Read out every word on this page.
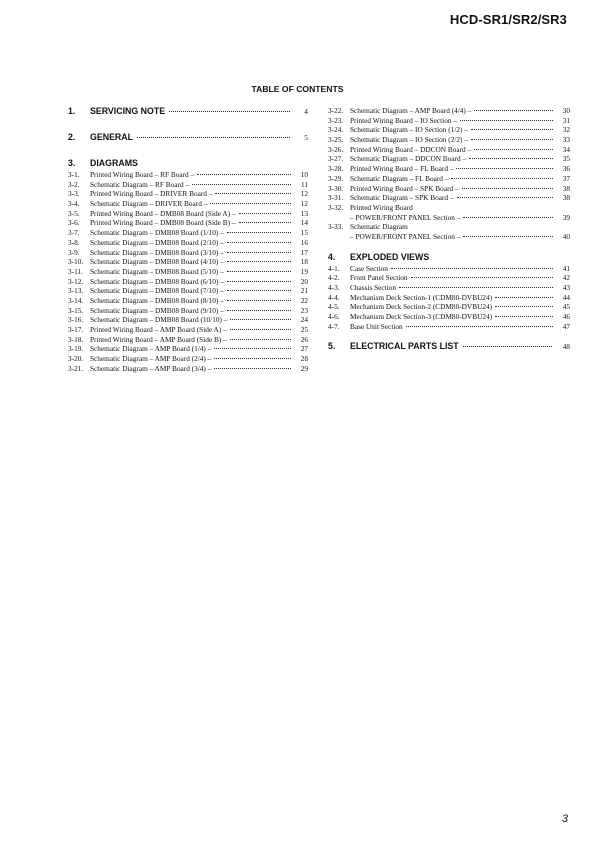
HCD-SR1/SR2/SR3
TABLE OF CONTENTS
1.	SERVICING NOTE	4
2.	GENERAL	5
3.	DIAGRAMS
3-1.	Printed Wiring Board – RF Board –	10
3-2.	Schematic Diagram – RF Board –	11
3-3.	Printed Wiring Board – DRIVER Board –	12
3-4.	Schematic Diagram – DRIVER Board –	12
3-5.	Printed Wiring Board – DMB08 Board (Side A) –	13
3-6.	Printed Wiring Board – DMB08 Board (Side B) –	14
3-7.	Schematic Diagram – DMB08 Board (1/10) –	15
3-8.	Schematic Diagram – DMB08 Board (2/10) –	16
3-9.	Schematic Diagram – DMB08 Board (3/10) –	17
3-10. Schematic Diagram – DMB08 Board (4/10) –	18
3-11. Schematic Diagram – DMB08 Board (5/10) –	19
3-12. Schematic Diagram – DMB08 Board (6/10) –	20
3-13. Schematic Diagram – DMB08 Board (7/10) –	21
3-14. Schematic Diagram – DMB08 Board (8/10) –	22
3-15. Schematic Diagram – DMB08 Board (9/10) –	23
3-16. Schematic Diagram – DMB08 Board (10/10) –	24
3-17. Printed Wiring Board – AMP Board (Side A) –	25
3-18. Printed Wiring Board – AMP Board (Side B) –	26
3-19. Schematic Diagram – AMP Board (1/4) –	27
3-20. Schematic Diagram – AMP Board (2/4) –	28
3-21. Schematic Diagram – AMP Board (3/4) –	29
3-22. Schematic Diagram – AMP Board (4/4) –	30
3-23. Printed Wiring Board – IO Section –	31
3-24. Schematic Diagram – IO Section (1/2) –	32
3-25. Schematic Diagram – IO Section (2/2) –	33
3-26. Printed Wiring Board – DDCON Board –	34
3-27. Schematic Diagram – DDCON Board –	35
3-28. Printed Wiring Board – FL Board –	36
3-29. Schematic Diagram – FL Board –	37
3-30. Printed Wiring Board – SPK Board –	38
3-31. Schematic Diagram – SPK Board –	38
3-32. Printed Wiring Board
– POWER/FRONT PANEL Section –	39
3-33. Schematic Diagram
– POWER/FRONT PANEL Section –	40
4.	EXPLODED VIEWS
4-1.	Case Section	41
4-2.	Front Panel Section	42
4-3.	Chassis Section	43
4-4.	Mechanism Deck Section-1 (CDM80-DVBU24)	44
4-5.	Mechanism Deck Section-2 (CDM80-DVBU24)	45
4-6.	Mechanism Deck Section-3 (CDM80-DVBU24)	46
4-7.	Base Unit Section	47
5.	ELECTRICAL PARTS LIST	48
3
